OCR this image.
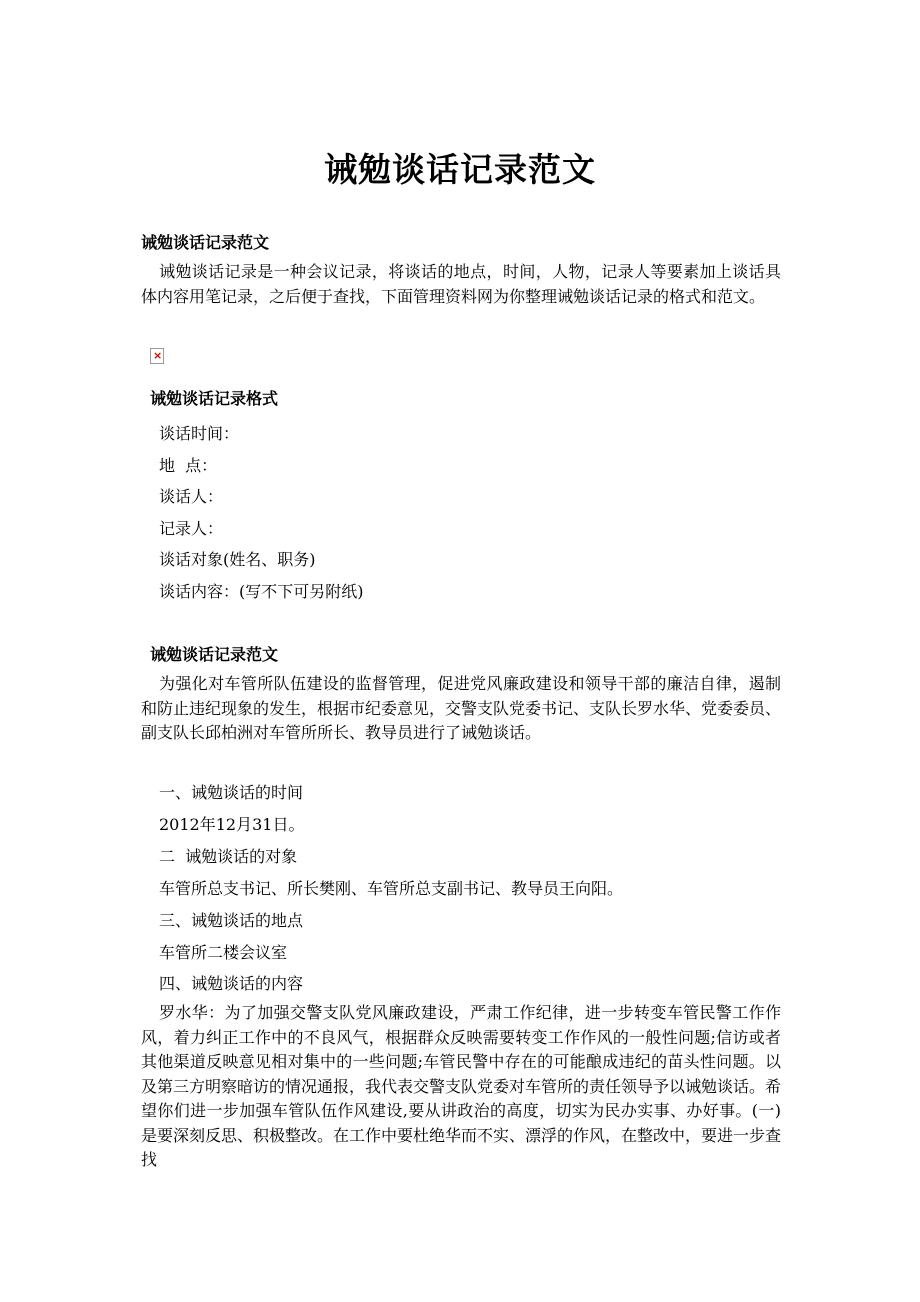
诫勉谈话记录范文
诫勉谈话记录范文
诫勉谈话记录是一种会议记录，将谈话的地点，时间，人物，记录人等要素加上谈话具体内容用笔记录，之后便于查找，下面管理资料网为你整理诫勉谈话记录的格式和范文。
×
诫勉谈话记录格式
谈话时间：
地  点：
谈话人：
记录人：
谈话对象(姓名、职务)
谈话内容：(写不下可另附纸)
诫勉谈话记录范文
为强化对车管所队伍建设的监督管理，促进党风廉政建设和领导干部的廉洁自律，遏制和防止违纪现象的发生，根据市纪委意见，交警支队党委书记、支队长罗水华、党委委员、副支队长邱柏洲对车管所所长、教导员进行了诫勉谈话。
一、诫勉谈话的时间
2012年12月31日。
二  诫勉谈话的对象
车管所总支书记、所长樊刚、车管所总支副书记、教导员王向阳。
三、诫勉谈话的地点
车管所二楼会议室
四、诫勉谈话的内容
罗水华：为了加强交警支队党风廉政建设，严肃工作纪律，进一步转变车管民警工作作风，着力纠正工作中的不良风气，根据群众反映需要转变工作作风的一般性问题;信访或者其他渠道反映意见相对集中的一些问题;车管民警中存在的可能酿成违纪的苗头性问题。以及第三方明察暗访的情况通报，我代表交警支队党委对车管所的责任领导予以诫勉谈话。希望你们进一步加强车管队伍作风建设,要从讲政治的高度，切实为民办实事、办好事。(一)是要深刻反思、积极整改。在工作中要杜绝华而不实、漂浮的作风，在整改中，要进一步查找
